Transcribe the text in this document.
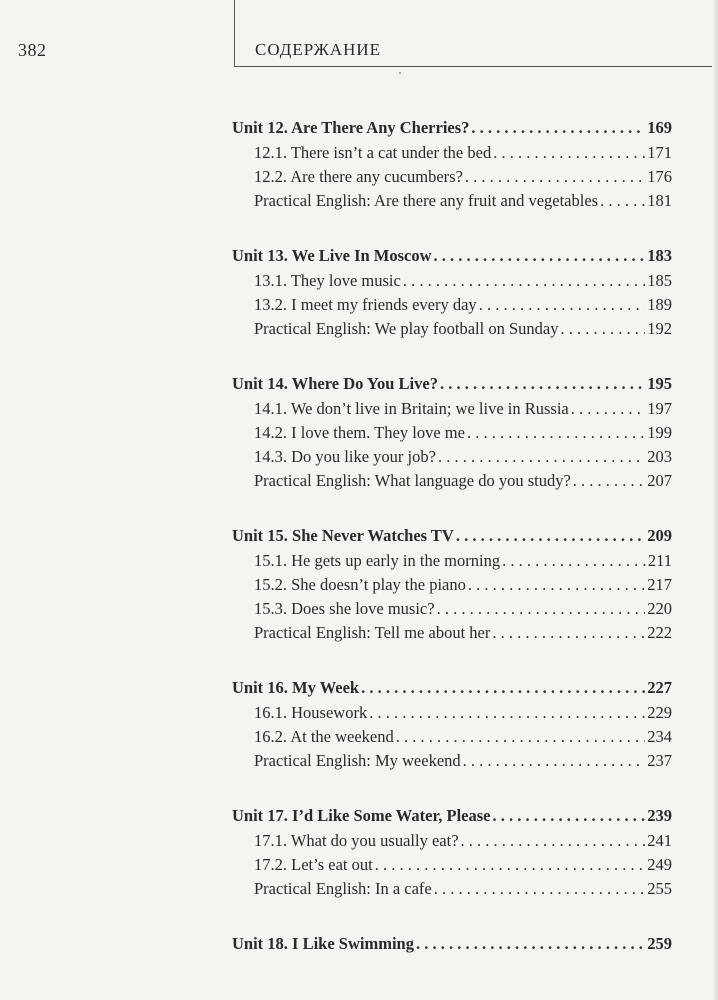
382	СОДЕРЖАНИЕ
Unit 12. Are There Any Cherries? . . .	169
12.1. There isn’t a cat under the bed . . .	171
12.2. Are there any cucumbers? . . .	176
Practical English: Are there any fruit and vegetables . . .	181
Unit 13. We Live In Moscow . . .	183
13.1. They love music . . .	185
13.2. I meet my friends every day . . .	189
Practical English: We play football on Sunday . . .	192
Unit 14. Where Do You Live? . . .	195
14.1. We don’t live in Britain; we live in Russia . . .	197
14.2. I love them. They love me . . .	199
14.3. Do you like your job? . . .	203
Practical English: What language do you study? . . .	207
Unit 15. She Never Watches TV . . .	209
15.1. He gets up early in the morning . . .	211
15.2. She doesn’t play the piano . . .	217
15.3. Does she love music? . . .	220
Practical English: Tell me about her . . .	222
Unit 16. My Week . . .	227
16.1. Housework . . .	229
16.2. At the weekend . . .	234
Practical English: My weekend . . .	237
Unit 17. I’d Like Some Water, Please . . .	239
17.1. What do you usually eat? . . .	241
17.2. Let’s eat out . . .	249
Practical English: In a cafe . . .	255
Unit 18. I Like Swimming . . .	259
